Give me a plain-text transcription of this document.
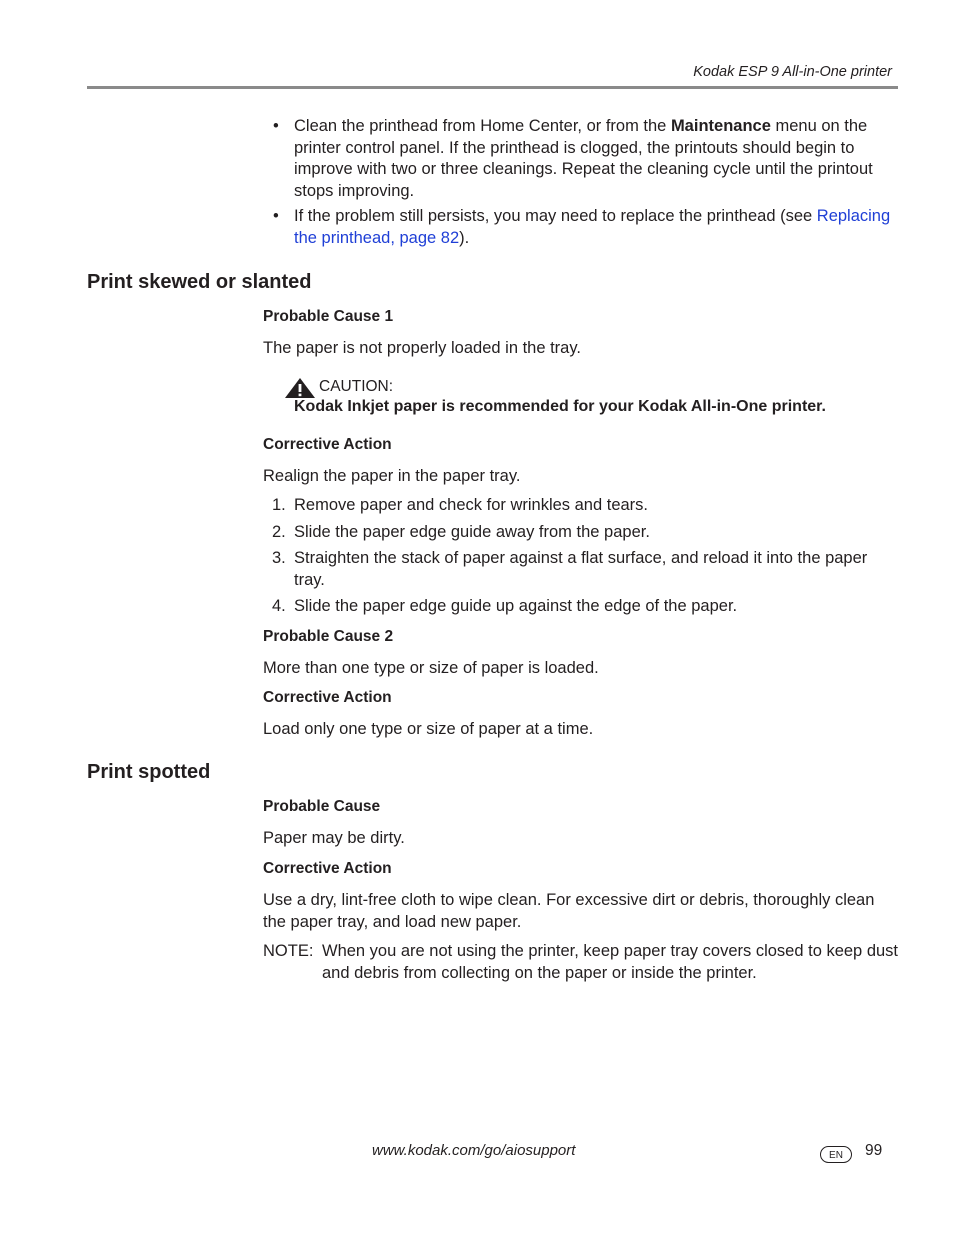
Kodak ESP 9 All-in-One printer
• Clean the printhead from Home Center, or from the Maintenance menu on the printer control panel. If the printhead is clogged, the printouts should begin to improve with two or three cleanings. Repeat the cleaning cycle until the printout stops improving.
• If the problem still persists, you may need to replace the printhead (see Replacing the printhead, page 82).
Print skewed or slanted
Probable Cause 1
The paper is not properly loaded in the tray.
CAUTION:
Kodak Inkjet paper is recommended for your Kodak All-in-One printer.
Corrective Action
Realign the paper in the paper tray.
1. Remove paper and check for wrinkles and tears.
2. Slide the paper edge guide away from the paper.
3. Straighten the stack of paper against a flat surface, and reload it into the paper tray.
4. Slide the paper edge guide up against the edge of the paper.
Probable Cause 2
More than one type or size of paper is loaded.
Corrective Action
Load only one type or size of paper at a time.
Print spotted
Probable Cause
Paper may be dirty.
Corrective Action
Use a dry, lint-free cloth to wipe clean. For excessive dirt or debris, thoroughly clean the paper tray, and load new paper.
NOTE: When you are not using the printer, keep paper tray covers closed to keep dust and debris from collecting on the paper or inside the printer.
www.kodak.com/go/aiosupport	EN	99
